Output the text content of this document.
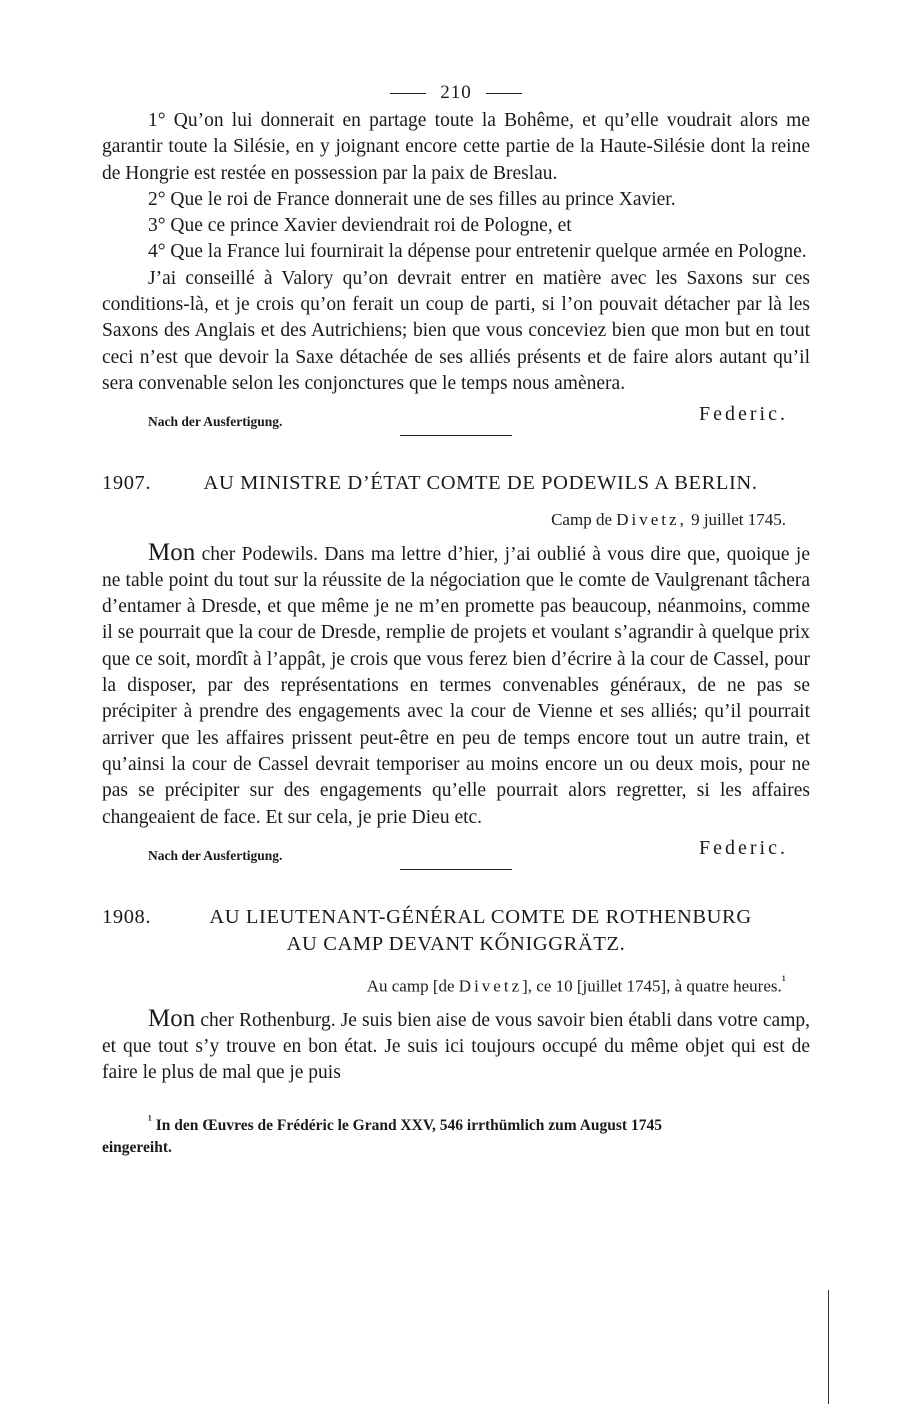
210

1° Qu’on lui donnerait en partage toute la Bohême, et qu’elle voudrait alors me garantir toute la Silésie, en y joignant encore cette partie de la Haute-Silésie dont la reine de Hongrie est restée en possession par la paix de Breslau.

2° Que le roi de France donnerait une de ses filles au prince Xavier.

3° Que ce prince Xavier deviendrait roi de Pologne, et

4° Que la France lui fournirait la dépense pour entretenir quelque armée en Pologne.

J’ai conseillé à Valory qu’on devrait entrer en matière avec les Saxons sur ces conditions-là, et je crois qu’on ferait un coup de parti, si l’on pouvait détacher par là les Saxons des Anglais et des Autrichiens; bien que vous conceviez bien que mon but en tout ceci n’est que devoir la Saxe détachée de ses alliés présents et de faire alors autant qu’il sera convenable selon les conjonctures que le temps nous amènera.

Nach der Ausfertigung.	Federic.
1907.	AU MINISTRE D’ÉTAT COMTE DE PODEWILS A BERLIN.
Camp de Divetz, 9 juillet 1745.

Mon cher Podewils. Dans ma lettre d’hier, j’ai oublié à vous dire que, quoique je ne table point du tout sur la réussite de la négociation que le comte de Vaulgrenant tâchera d’entamer à Dresde, et que même je ne m’en promette pas beaucoup, néanmoins, comme il se pourrait que la cour de Dresde, remplie de projets et voulant s’agrandir à quelque prix que ce soit, mordît à l’appât, je crois que vous ferez bien d’écrire à la cour de Cassel, pour la disposer, par des représentations en termes convenables généraux, de ne pas se précipiter à prendre des engagements avec la cour de Vienne et ses alliés; qu’il pourrait arriver que les affaires prissent peut-être en peu de temps encore tout un autre train, et qu’ainsi la cour de Cassel devrait temporiser au moins encore un ou deux mois, pour ne pas se précipiter sur des engagements qu’elle pourrait alors regretter, si les affaires changeaient de face. Et sur cela, je prie Dieu etc.

Nach der Ausfertigung.	Federic.
1908.	AU LIEUTENANT-GÉNÉRAL COMTE DE ROTHENBURG
AU CAMP DEVANT KŐNIGGRÄTZ.
Au camp [de Divetz], ce 10 [juillet 1745], à quatre heures.$^{^1}$

Mon cher Rothenburg. Je suis bien aise de vous savoir bien établi dans votre camp, et que tout s’y trouve en bon état. Je suis ici toujours occupé du même objet qui est de faire le plus de mal que je puis

$^{^1}$ In den Œuvres de Frédéric le Grand XXV, 546 irrthümlich zum August 1745
eingereiht.
